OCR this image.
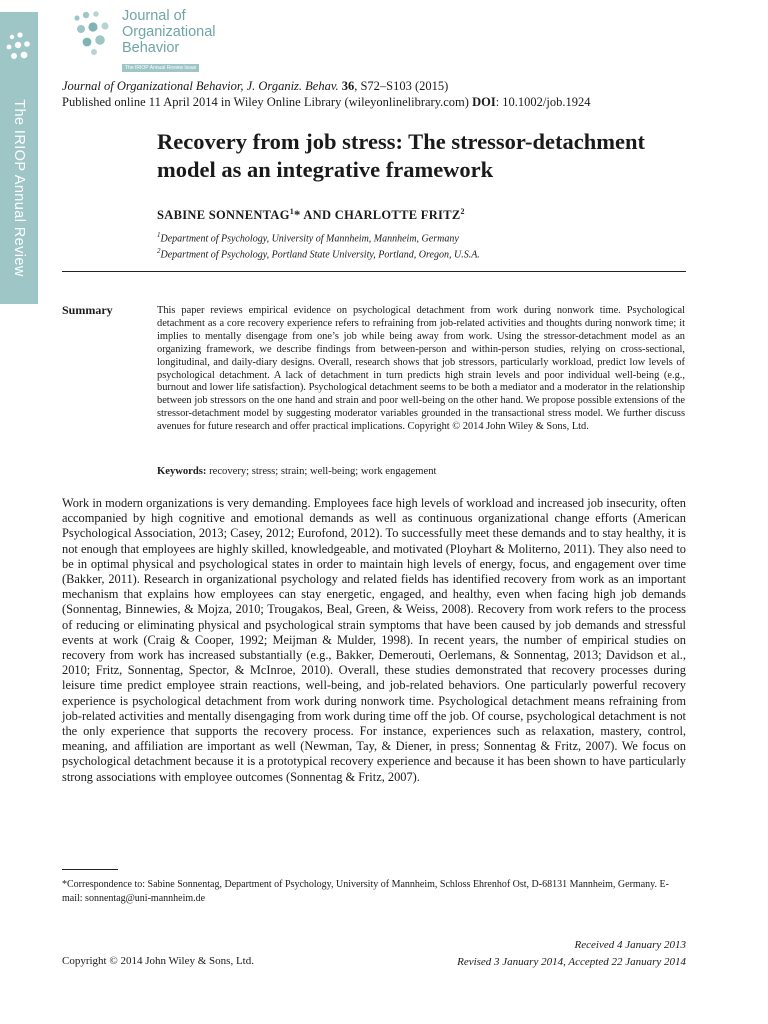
The IRIOP Annual Review
Journal of
Organizational
Behavior
The IRIOP Annual Review Issue
Journal of Organizational Behavior, J. Organiz. Behav. 36, S72–S103 (2015)
Published online 11 April 2014 in Wiley Online Library (wileyonlinelibrary.com) DOI: 10.1002/job.1924
Recovery from job stress: The stressor-detachment model as an integrative framework
SABINE SONNENTAG$^1$* AND CHARLOTTE FRITZ$^2$
$^1$Department of Psychology, University of Mannheim, Mannheim, Germany
$^2$Department of Psychology, Portland State University, Portland, Oregon, U.S.A.
Summary	This paper reviews empirical evidence on psychological detachment from work during nonwork time. Psychological detachment as a core recovery experience refers to refraining from job-related activities and thoughts during nonwork time; it implies to mentally disengage from one’s job while being away from work. Using the stressor-detachment model as an organizing framework, we describe findings from between-person and within-person studies, relying on cross-sectional, longitudinal, and daily-diary designs. Overall, research shows that job stressors, particularly workload, predict low levels of psychological detachment. A lack of detachment in turn predicts high strain levels and poor individual well-being (e.g., burnout and lower life satisfaction). Psychological detachment seems to be both a mediator and a moderator in the relationship between job stressors on the one hand and strain and poor well-being on the other hand. We propose possible extensions of the stressor-detachment model by suggesting moderator variables grounded in the transactional stress model. We further discuss avenues for future research and offer practical implications. Copyright © 2014 John Wiley & Sons, Ltd.
Keywords: recovery; stress; strain; well-being; work engagement
Work in modern organizations is very demanding. Employees face high levels of workload and increased job insecurity, often accompanied by high cognitive and emotional demands as well as continuous organizational change efforts (American Psychological Association, 2013; Casey, 2012; Eurofond, 2012). To successfully meet these demands and to stay healthy, it is not enough that employees are highly skilled, knowledgeable, and motivated (Ployhart & Moliterno, 2011). They also need to be in optimal physical and psychological states in order to maintain high levels of energy, focus, and engagement over time (Bakker, 2011). Research in organizational psychology and related fields has identified recovery from work as an important mechanism that explains how employees can stay energetic, engaged, and healthy, even when facing high job demands (Sonnentag, Binnewies, & Mojza, 2010; Trougakos, Beal, Green, & Weiss, 2008). Recovery from work refers to the process of reducing or eliminating physical and psychological strain symptoms that have been caused by job demands and stressful events at work (Craig & Cooper, 1992; Meijman & Mulder, 1998). In recent years, the number of empirical studies on recovery from work has increased substantially (e.g., Bakker, Demerouti, Oerlemans, & Sonnentag, 2013; Davidson et al., 2010; Fritz, Sonnentag, Spector, & McInroe, 2010). Overall, these studies demonstrated that recovery processes during leisure time predict employee strain reactions, well-being, and job-related behaviors. One particularly powerful recovery experience is psychological detachment from work during nonwork time. Psychological detachment means refraining from job-related activities and mentally disengaging from work during time off the job. Of course, psychological detachment is not the only experience that supports the recovery process. For instance, experiences such as relaxation, mastery, control, meaning, and affiliation are important as well (Newman, Tay, & Diener, in press; Sonnentag & Fritz, 2007). We focus on psychological detachment because it is a prototypical recovery experience and because it has been shown to have particularly strong associations with employee outcomes (Sonnentag & Fritz, 2007).
*Correspondence to: Sabine Sonnentag, Department of Psychology, University of Mannheim, Schloss Ehrenhof Ost, D-68131 Mannheim, Germany. E-mail: sonnentag@uni-mannheim.de
Received 4 January 2013
Revised 3 January 2014, Accepted 22 January 2014
Copyright © 2014 John Wiley & Sons, Ltd.
